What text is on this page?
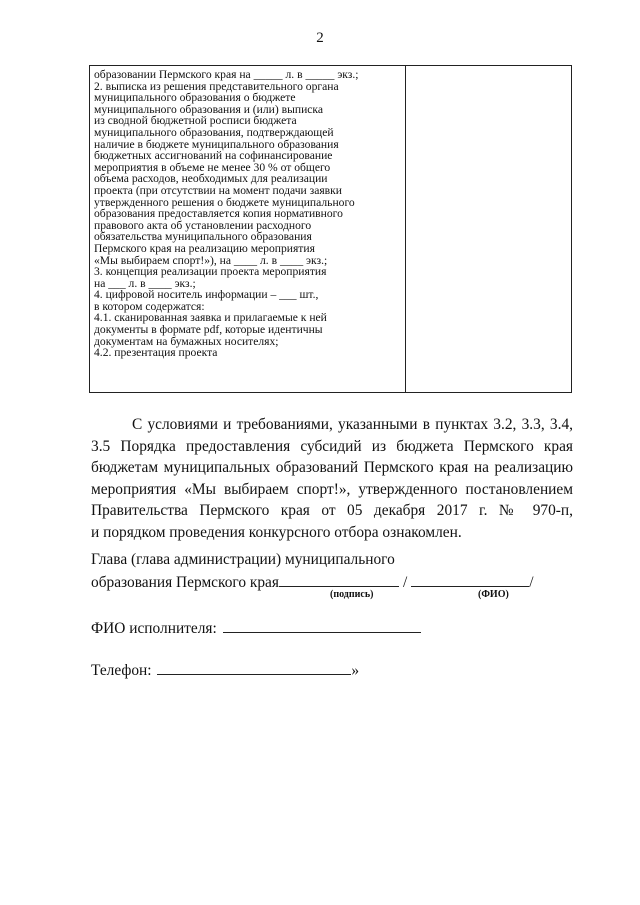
2
образовании Пермского края на _____ л. в _____ экз.;
2. выписка из решения представительного органа
муниципального образования о бюджете
муниципального образования и (или) выписка
из сводной бюджетной росписи бюджета
муниципального образования, подтверждающей
наличие в бюджете муниципального образования
бюджетных ассигнований на софинансирование
мероприятия в объеме не менее 30 % от общего
объема расходов, необходимых для реализации
проекта (при отсутствии на момент подачи заявки
утвержденного решения о бюджете муниципального
образования предоставляется копия нормативного
правового акта об установлении расходного
обязательства муниципального образования
Пермского края на реализацию мероприятия
«Мы выбираем спорт!»), на ____ л. в ____ экз.;
3. концепция реализации проекта мероприятия
на ___ л. в ____ экз.;
4. цифровой носитель информации – ___ шт.,
в котором содержатся:
4.1. сканированная заявка и прилагаемые к ней
документы в формате pdf, которые идентичны
документам на бумажных носителях;
4.2. презентация проекта

С условиями и требованиями, указанными в пунктах 3.2, 3.3, 3.4,
3.5 Порядка предоставления субсидий из бюджета Пермского края
бюджетам муниципальных образований Пермского края на реализацию
мероприятия «Мы выбираем спорт!», утвержденного постановлением
Правительства Пермского края от 05 декабря 2017 г. № 970-п,
и порядком проведения конкурсного отбора ознакомлен.
Глава (глава администрации) муниципального
образования Пермского края	/	/
(подпись)	(ФИО)
ФИО исполнителя:
Телефон:	»
